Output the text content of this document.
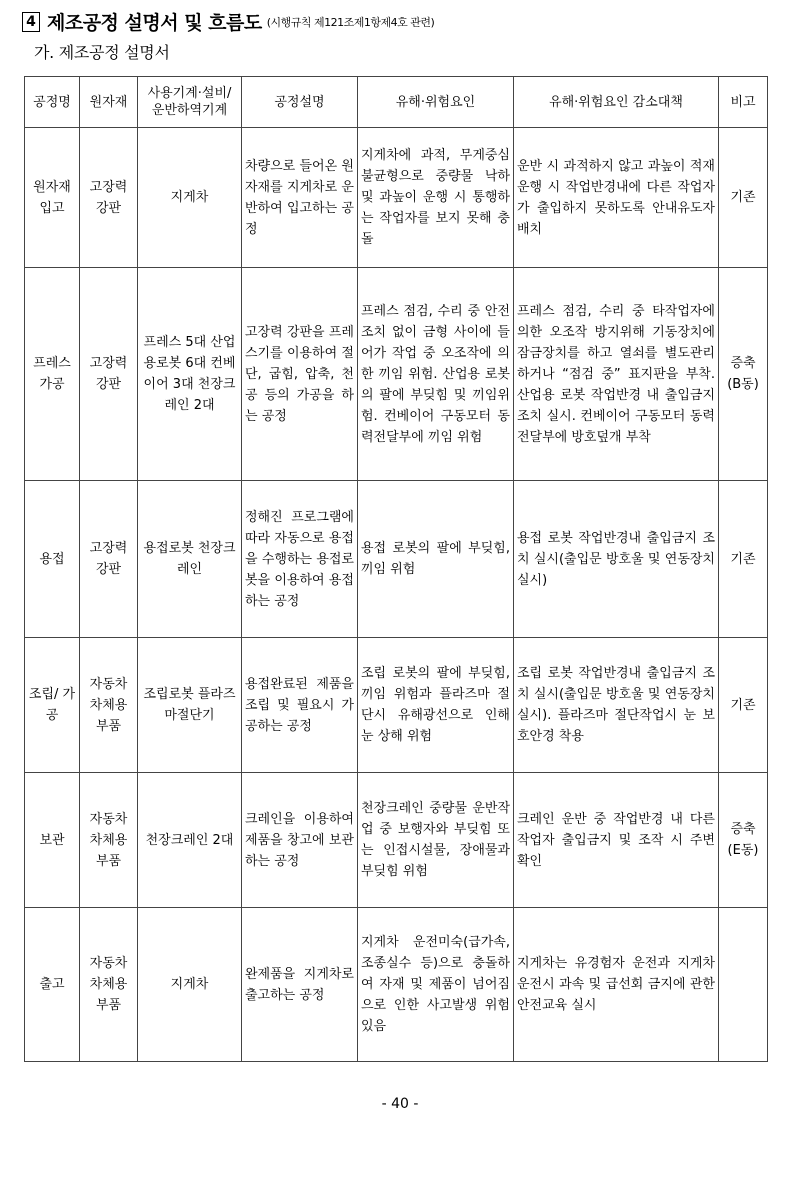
4 제조공정 설명서 및 흐름도 (시행규칙 제121조제1항제4호 관련)
가. 제조공정 설명서
공정명	원자재	사용기계·설비/ 운반하역기계	공정설명	유해·위험요인	유해·위험요인 감소대책	비고
원자재 입고	고장력 강판	지게차	차량으로 들어온 원자재를 지게차로 운반하여 입고하는 공정	지게차에 과적, 무게중심 불균형으로 중량물 낙하 및 과높이 운행 시 통행하는 작업자를 보지 못해 충돌	운반 시 과적하지 않고 과높이 적재 운행 시 작업반경내에 다른 작업자가 출입하지 못하도록 안내유도자 배치	기존
프레스 가공	고장력 강판	프레스 5대 산업용로봇 6대 컨베이어 3대 천장크레인 2대	고장력 강판을 프레스기를 이용하여 절단, 굽힘, 압축, 천공 등의 가공을 하는 공정	프레스 점검, 수리 중 안전조치 없이 금형 사이에 들어가 작업 중 오조작에 의한 끼임 위험. 산업용 로봇의 팔에 부딪힘 및 끼임위험. 컨베이어 구동모터 동력전달부에 끼임 위험	프레스 점검, 수리 중 타작업자에 의한 오조작 방지위해 기동장치에 잠금장치를 하고 열쇠를 별도관리하거나 “점검 중” 표지판을 부착. 산업용 로봇 작업반경 내 출입금지 조치 실시. 컨베이어 구동모터 동력전달부에 방호덮개 부착	증축 (B동)
용접	고장력 강판	용접로봇 천장크레인	정해진 프로그램에 따라 자동으로 용접을 수행하는 용접로봇을 이용하여 용접하는 공정	용접 로봇의 팔에 부딪힘, 끼임 위험	용접 로봇 작업반경내 출입금지 조치 실시(출입문 방호울 및 연동장치 실시)	기존
조립/ 가공	자동차 차체용 부품	조립로봇 플라즈마절단기	용접완료된 제품을 조립 및 필요시 가공하는 공정	조립 로봇의 팔에 부딪힘, 끼임 위험과 플라즈마 절단시 유해광선으로 인해 눈 상해 위험	조립 로봇 작업반경내 출입금지 조치 실시(출입문 방호울 및 연동장치 실시). 플라즈마 절단작업시 눈 보호안경 착용	기존
보관	자동차 차체용 부품	천장크레인 2대	크레인을 이용하여 제품을 창고에 보관하는 공정	천장크레인 중량물 운반작업 중 보행자와 부딪힘 또는 인접시설물, 장애물과 부딪힘 위험	크레인 운반 중 작업반경 내 다른 작업자 출입금지 및 조작 시 주변 확인	증축 (E동)
출고	자동차 차체용 부품	지게차	완제품을 지게차로 출고하는 공정	지게차 운전미숙(급가속, 조종실수 등)으로 충돌하여 자재 및 제품이 넘어짐으로 인한 사고발생 위험 있음	지게차는 유경험자 운전과 지게차 운전시 과속 및 급선회 금지에 관한 안전교육 실시	
- 40 -
